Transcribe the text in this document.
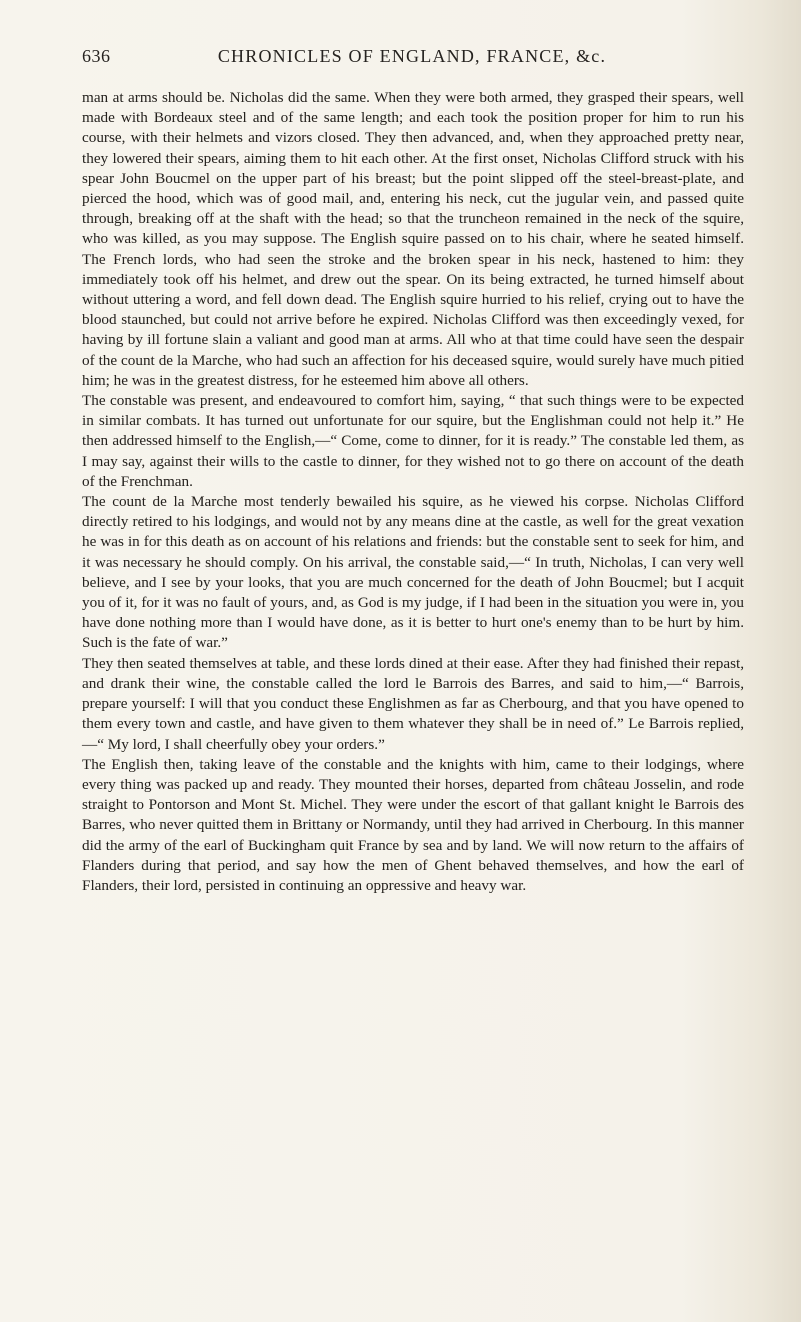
636	CHRONICLES OF ENGLAND, FRANCE, &c.

man at arms should be. Nicholas did the same. When they were both armed, they grasped their spears, well made with Bordeaux steel and of the same length; and each took the position proper for him to run his course, with their helmets and vizors closed. They then advanced, and, when they approached pretty near, they lowered their spears, aiming them to hit each other. At the first onset, Nicholas Clifford struck with his spear John Boucmel on the upper part of his breast; but the point slipped off the steel-breast-plate, and pierced the hood, which was of good mail, and, entering his neck, cut the jugular vein, and passed quite through, breaking off at the shaft with the head; so that the truncheon remained in the neck of the squire, who was killed, as you may suppose. The English squire passed on to his chair, where he seated himself. The French lords, who had seen the stroke and the broken spear in his neck, hastened to him: they immediately took off his helmet, and drew out the spear. On its being extracted, he turned himself about without uttering a word, and fell down dead. The English squire hurried to his relief, crying out to have the blood staunched, but could not arrive before he expired. Nicholas Clifford was then exceedingly vexed, for having by ill fortune slain a valiant and good man at arms. All who at that time could have seen the despair of the count de la Marche, who had such an affection for his deceased squire, would surely have much pitied him; he was in the greatest distress, for he esteemed him above all others.

The constable was present, and endeavoured to comfort him, saying, “ that such things were to be expected in similar combats. It has turned out unfortunate for our squire, but the Englishman could not help it.” He then addressed himself to the English,—“ Come, come to dinner, for it is ready.” The constable led them, as I may say, against their wills to the castle to dinner, for they wished not to go there on account of the death of the Frenchman.

The count de la Marche most tenderly bewailed his squire, as he viewed his corpse. Nicholas Clifford directly retired to his lodgings, and would not by any means dine at the castle, as well for the great vexation he was in for this death as on account of his relations and friends: but the constable sent to seek for him, and it was necessary he should comply. On his arrival, the constable said,—“ In truth, Nicholas, I can very well believe, and I see by your looks, that you are much concerned for the death of John Boucmel; but I acquit you of it, for it was no fault of yours, and, as God is my judge, if I had been in the situation you were in, you have done nothing more than I would have done, as it is better to hurt one's enemy than to be hurt by him. Such is the fate of war.”

They then seated themselves at table, and these lords dined at their ease. After they had finished their repast, and drank their wine, the constable called the lord le Barrois des Barres, and said to him,—“ Barrois, prepare yourself: I will that you conduct these Englishmen as far as Cherbourg, and that you have opened to them every town and castle, and have given to them whatever they shall be in need of.” Le Barrois replied,—“ My lord, I shall cheerfully obey your orders.”

The English then, taking leave of the constable and the knights with him, came to their lodgings, where every thing was packed up and ready. They mounted their horses, departed from château Josselin, and rode straight to Pontorson and Mont St. Michel. They were under the escort of that gallant knight le Barrois des Barres, who never quitted them in Brittany or Normandy, until they had arrived in Cherbourg. In this manner did the army of the earl of Buckingham quit France by sea and by land. We will now return to the affairs of Flanders during that period, and say how the men of Ghent behaved themselves, and how the earl of Flanders, their lord, persisted in continuing an oppressive and heavy war.
